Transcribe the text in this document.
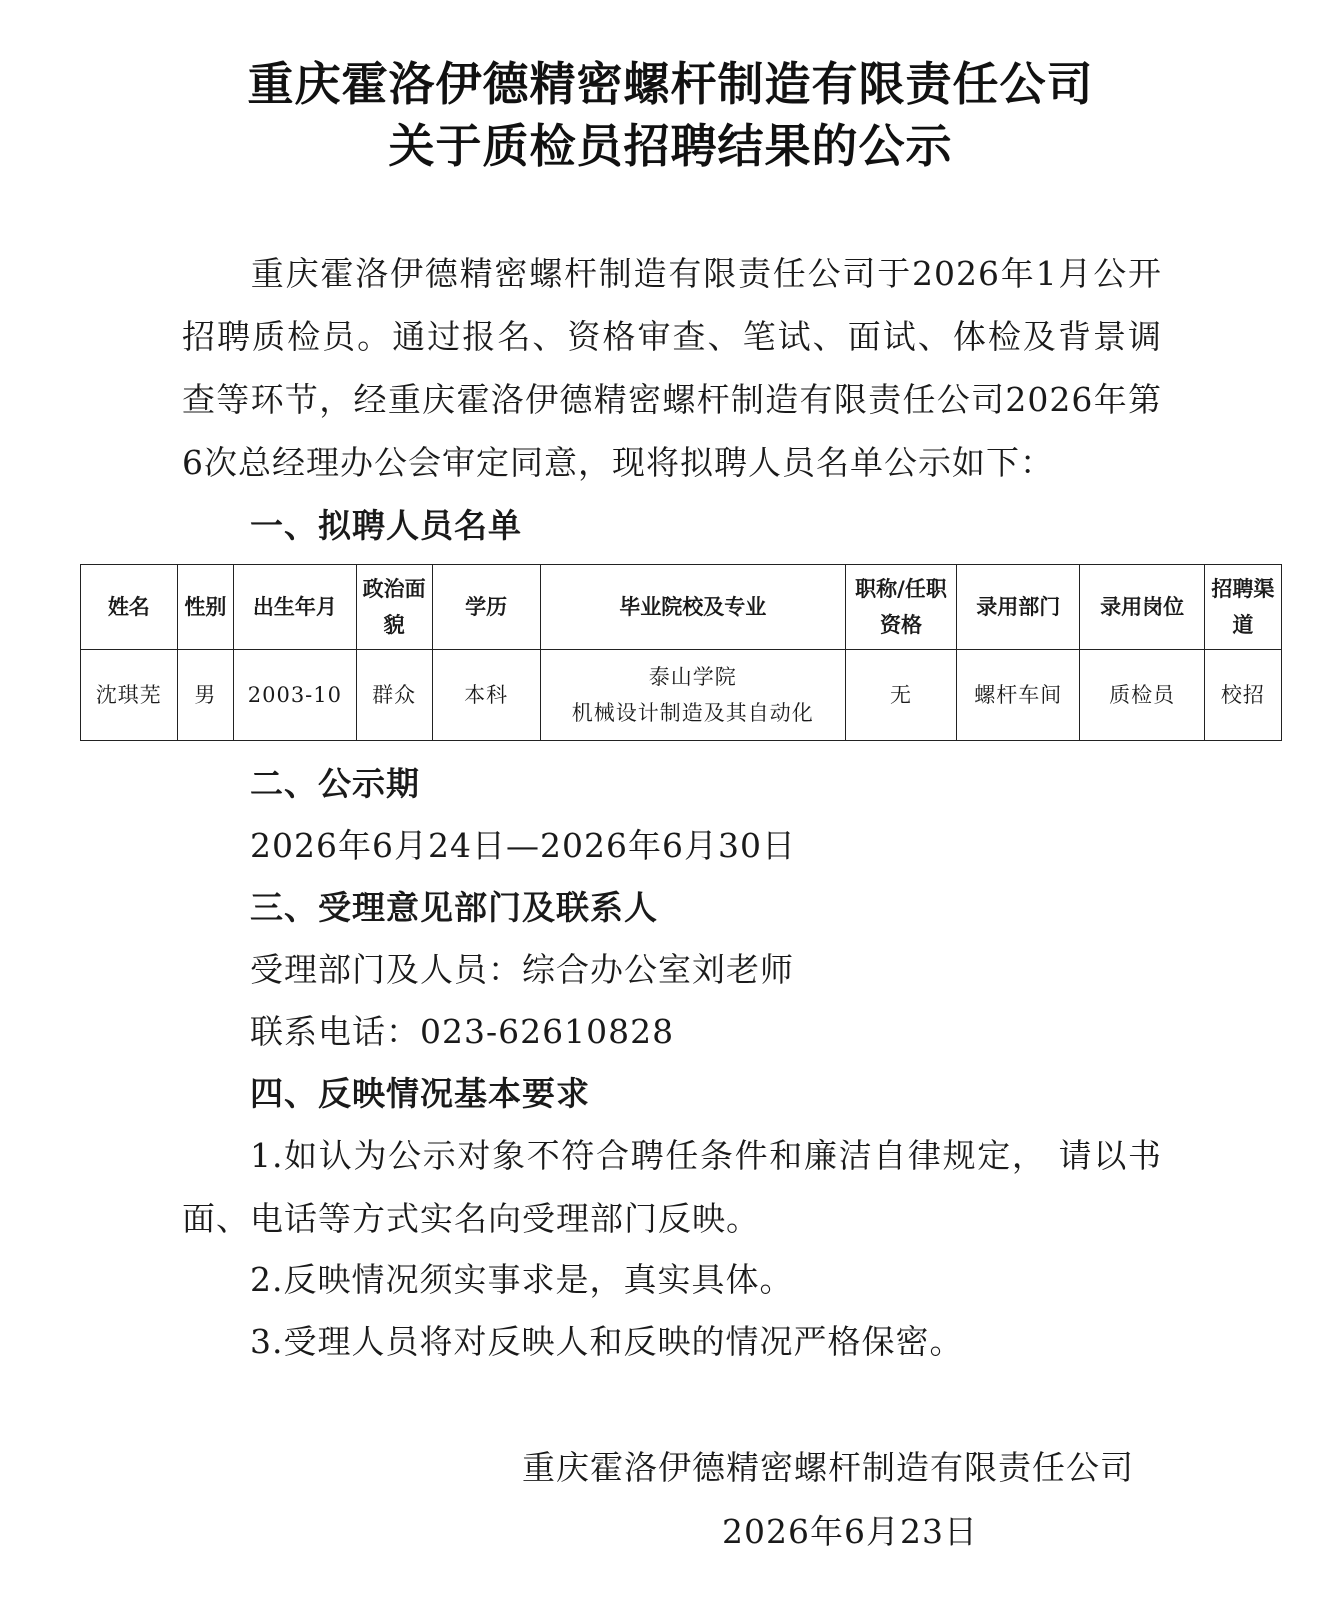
重庆霍洛伊德精密螺杆制造有限责任公司
关于质检员招聘结果的公示
重庆霍洛伊德精密螺杆制造有限责任公司于2026年1月公开招聘质检员。通过报名、资格审查、笔试、面试、体检及背景调查等环节，经重庆霍洛伊德精密螺杆制造有限责任公司2026年第6次总经理办公会审定同意，现将拟聘人员名单公示如下：
一、拟聘人员名单
姓名	性别	出生年月	政治面貌	学历	毕业院校及专业	职称/任职资格	录用部门	录用岗位	招聘渠道
沈琪芜	男	2003-10	群众	本科	泰山学院
机械设计制造及其自动化	无	螺杆车间	质检员	校招
二、公示期
2026年6月24日—2026年6月30日
三、受理意见部门及联系人
受理部门及人员：综合办公室刘老师
联系电话：023-62610828
四、反映情况基本要求
1.如认为公示对象不符合聘任条件和廉洁自律规定， 请以书面、电话等方式实名向受理部门反映。
2.反映情况须实事求是，真实具体。
3.受理人员将对反映人和反映的情况严格保密。
重庆霍洛伊德精密螺杆制造有限责任公司
2026年6月23日
